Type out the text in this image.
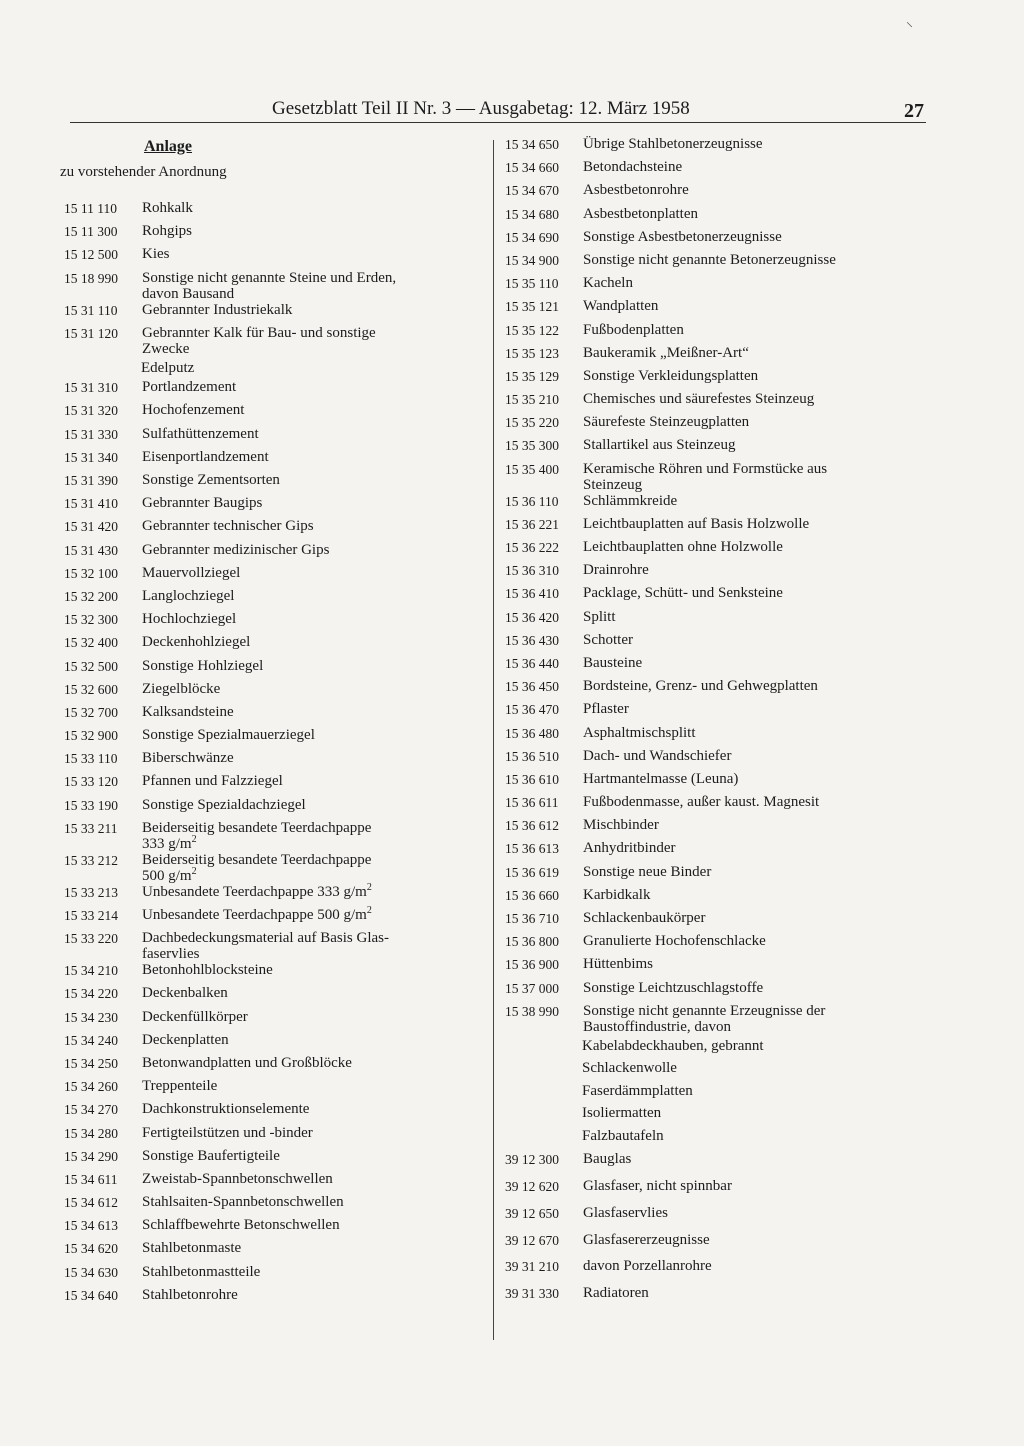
Gesetzblatt Teil II Nr. 3 — Ausgabetag: 12. März 1958	27
Anlage
zu vorstehender Anordnung
15 11 110	Rohkalk
15 11 300	Rohgips
15 12 500	Kies
15 18 990	Sonstige nicht genannte Steine und Erden,
davon Bausand
15 31 110	Gebrannter Industriekalk
15 31 120	Gebrannter Kalk für Bau- und sonstige
Zwecke
Edelputz
15 31 310	Portlandzement
15 31 320	Hochofenzement
15 31 330	Sulfathüttenzement
15 31 340	Eisenportlandzement
15 31 390	Sonstige Zementsorten
15 31 410	Gebrannter Baugips
15 31 420	Gebrannter technischer Gips
15 31 430	Gebrannter medizinischer Gips
15 32 100	Mauervollziegel
15 32 200	Langlochziegel
15 32 300	Hochlochziegel
15 32 400	Deckenhohlziegel
15 32 500	Sonstige Hohlziegel
15 32 600	Ziegelblöcke
15 32 700	Kalksandsteine
15 32 900	Sonstige Spezialmauerziegel
15 33 110	Biberschwänze
15 33 120	Pfannen und Falzziegel
15 33 190	Sonstige Spezialdachziegel
15 33 211	Beiderseitig besandete Teerdachpappe
333 $g/m^2$
15 33 212	Beiderseitig besandete Teerdachpappe
500 $g/m^2$
15 33 213	Unbesandete Teerdachpappe 333 $g/m^2$
15 33 214	Unbesandete Teerdachpappe 500 $g/m^2$
15 33 220	Dachbedeckungsmaterial auf Basis Glas-
faservlies
15 34 210	Betonhohlblocksteine
15 34 220	Deckenbalken
15 34 230	Deckenfüllkörper
15 34 240	Deckenplatten
15 34 250	Betonwandplatten und Großblöcke
15 34 260	Treppenteile
15 34 270	Dachkonstruktionselemente
15 34 280	Fertigteilstützen und -binder
15 34 290	Sonstige Baufertigteile
15 34 611	Zweistab-Spannbetonschwellen
15 34 612	Stahlsaiten-Spannbetonschwellen
15 34 613	Schlaffbewehrte Betonschwellen
15 34 620	Stahlbetonmaste
15 34 630	Stahlbetonmastteile
15 34 640	Stahlbetonrohre
15 34 650	Übrige Stahlbetonerzeugnisse
15 34 660	Betondachsteine
15 34 670	Asbestbetonrohre
15 34 680	Asbestbetonplatten
15 34 690	Sonstige Asbestbetonerzeugnisse
15 34 900	Sonstige nicht genannte Betonerzeugnisse
15 35 110	Kacheln
15 35 121	Wandplatten
15 35 122	Fußbodenplatten
15 35 123	Baukeramik „Meißner-Art“
15 35 129	Sonstige Verkleidungsplatten
15 35 210	Chemisches und säurefestes Steinzeug
15 35 220	Säurefeste Steinzeugplatten
15 35 300	Stallartikel aus Steinzeug
15 35 400	Keramische Röhren und Formstücke aus
Steinzeug
15 36 110	Schlämmkreide
15 36 221	Leichtbauplatten auf Basis Holzwolle
15 36 222	Leichtbauplatten ohne Holzwolle
15 36 310	Drainrohre
15 36 410	Packlage, Schütt- und Senksteine
15 36 420	Splitt
15 36 430	Schotter
15 36 440	Bausteine
15 36 450	Bordsteine, Grenz- und Gehwegplatten
15 36 470	Pflaster
15 36 480	Asphaltmischsplitt
15 36 510	Dach- und Wandschiefer
15 36 610	Hartmantelmasse (Leuna)
15 36 611	Fußbodenmasse, außer kaust. Magnesit
15 36 612	Mischbinder
15 36 613	Anhydritbinder
15 36 619	Sonstige neue Binder
15 36 660	Karbidkalk
15 36 710	Schlackenbaukörper
15 36 800	Granulierte Hochofenschlacke
15 36 900	Hüttenbims
15 37 000	Sonstige Leichtzuschlagstoffe
15 38 990	Sonstige nicht genannte Erzeugnisse der
Baustoffindustrie, davon
Kabelabdeckhauben, gebrannt
Schlackenwolle
Faserdämmplatten
Isoliermatten
Falzbautafeln
39 12 300	Bauglas
39 12 620	Glasfaser, nicht spinnbar
39 12 650	Glasfaservlies
39 12 670	Glasfasererzeugnisse
39 31 210	davon Porzellanrohre
39 31 330	Radiatoren
⸌
